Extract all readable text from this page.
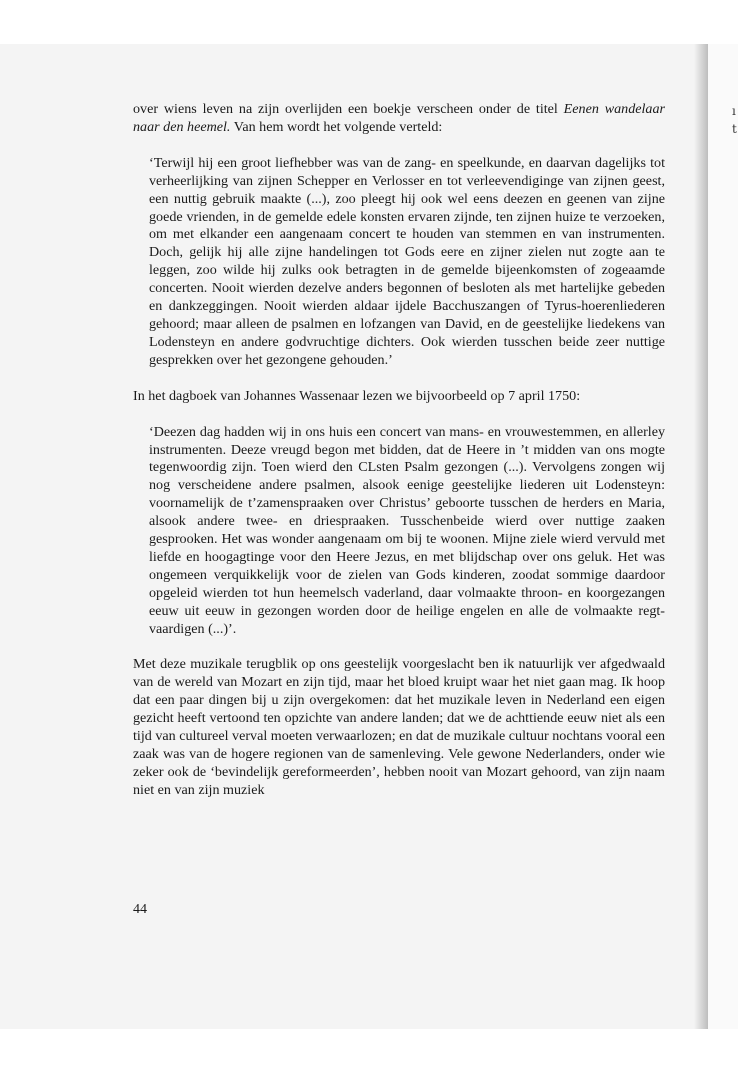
ı
t

over wiens leven na zijn overlijden een boekje verscheen onder de titel Eenen wandelaar naar den heemel. Van hem wordt het volgende verteld:

‘Terwijl hij een groot liefhebber was van de zang- en speelkunde, en daarvan dagelijks tot verheerlijking van zijnen Schepper en Verlosser en tot verleevendiginge van zijnen geest, een nuttig gebruik maakte (...), zoo pleegt hij ook wel eens deezen en geenen van zijne goede vrienden, in de gemelde edele konsten ervaren zijnde, ten zijnen huize te verzoeken, om met elkander een aangenaam concert te houden van stemmen en van instrumenten. Doch, gelijk hij alle zijne handelingen tot Gods eere en zijner zielen nut zogte aan te leggen, zoo wilde hij zulks ook betragten in de gemelde bijeenkomsten of zogeaamde concerten. Nooit wierden dezelve anders begonnen of besloten als met hartelijke gebeden en dankzeggingen. Nooit wierden aldaar ijdele Bacchuszangen of Tyrus-hoerenliederen gehoord; maar alleen de psalmen en lofzangen van David, en de geestelijke liedekens van Lodensteyn en andere godvruchtige dichters. Ook wierden tusschen beide zeer nuttige gesprekken over het gezongene gehouden.’

In het dagboek van Johannes Wassenaar lezen we bijvoorbeeld op 7 april 1750:

‘Deezen dag hadden wij in ons huis een concert van mans- en vrouwestemmen, en allerley instrumenten. Deeze vreugd begon met bidden, dat de Heere in ’t midden van ons mogte tegenwoordig zijn. Toen wierd den CLsten Psalm gezongen (...). Vervolgens zongen wij nog verscheidene andere psalmen, alsook eenige geestelijke liederen uit Lodensteyn: voornamelijk de t’zamenspraaken over Christus’ geboorte tusschen de herders en Maria, alsook andere twee- en driespraaken. Tusschenbeide wierd over nuttige zaaken gesprooken. Het was wonder aangenaam om bij te woonen. Mijne ziele wierd vervuld met liefde en hoogagtinge voor den Heere Jezus, en met blijdschap over ons geluk. Het was ongemeen verquikkelijk voor de zielen van Gods kinderen, zoodat sommige daardoor opgeleid wierden tot hun heemelsch vaderland, daar volmaakte throon- en koorgezangen eeuw uit eeuw in gezongen worden door de heilige engelen en alle de volmaakte regtvaardigen (...)’.

Met deze muzikale terugblik op ons geestelijk voorgeslacht ben ik natuurlijk ver afgedwaald van de wereld van Mozart en zijn tijd, maar het bloed kruipt waar het niet gaan mag. Ik hoop dat een paar dingen bij u zijn overgekomen: dat het muzikale leven in Nederland een eigen gezicht heeft vertoond ten opzichte van andere landen; dat we de achttiende eeuw niet als een tijd van cultureel verval moeten verwaarlozen; en dat de muzikale cultuur nochtans vooral een zaak was van de hogere regionen van de samenleving. Vele gewone Nederlanders, onder wie zeker ook de ‘bevindelijk gereformeerden’, hebben nooit van Mozart gehoord, van zijn naam niet en van zijn muziek

44
